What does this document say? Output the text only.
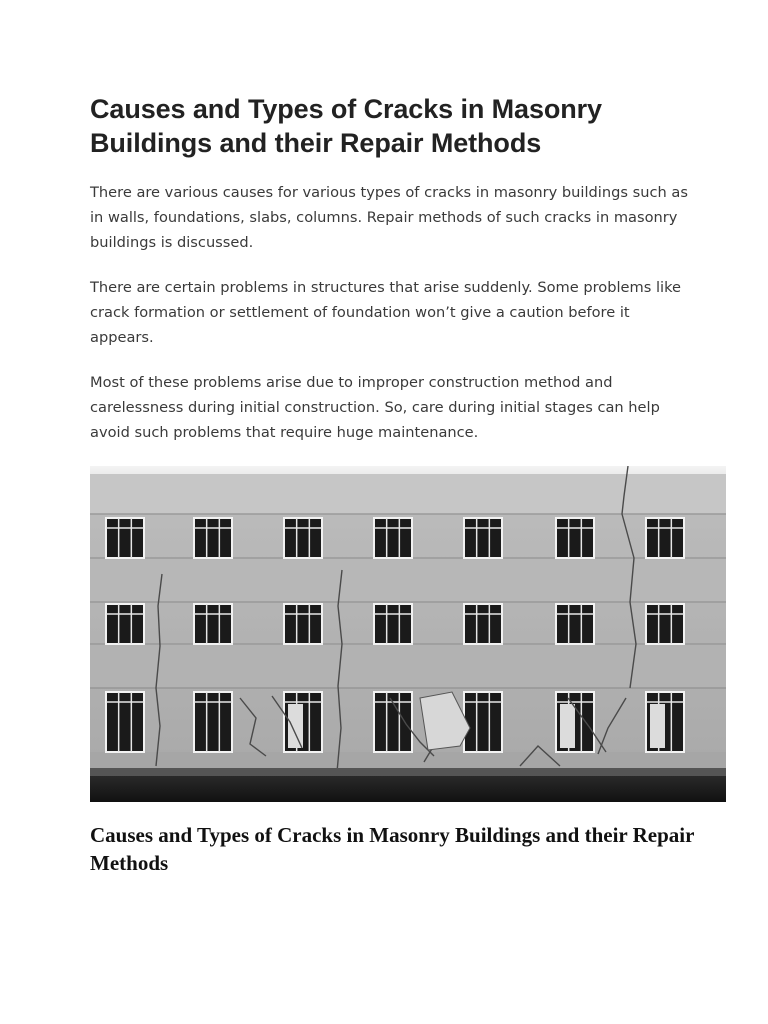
Causes and Types of Cracks in Masonry Buildings and their Repair Methods

There are various causes for various types of cracks in masonry buildings such as in walls, foundations, slabs, columns. Repair methods of such cracks in masonry buildings is discussed.

There are certain problems in structures that arise suddenly. Some problems like crack formation or settlement of foundation won’t give a caution before it appears.

Most of these problems arise due to improper construction method and carelessness during initial construction. So, care during initial stages can help avoid such problems that require huge maintenance.

Causes and Types of Cracks in Masonry Buildings and their Repair Methods
